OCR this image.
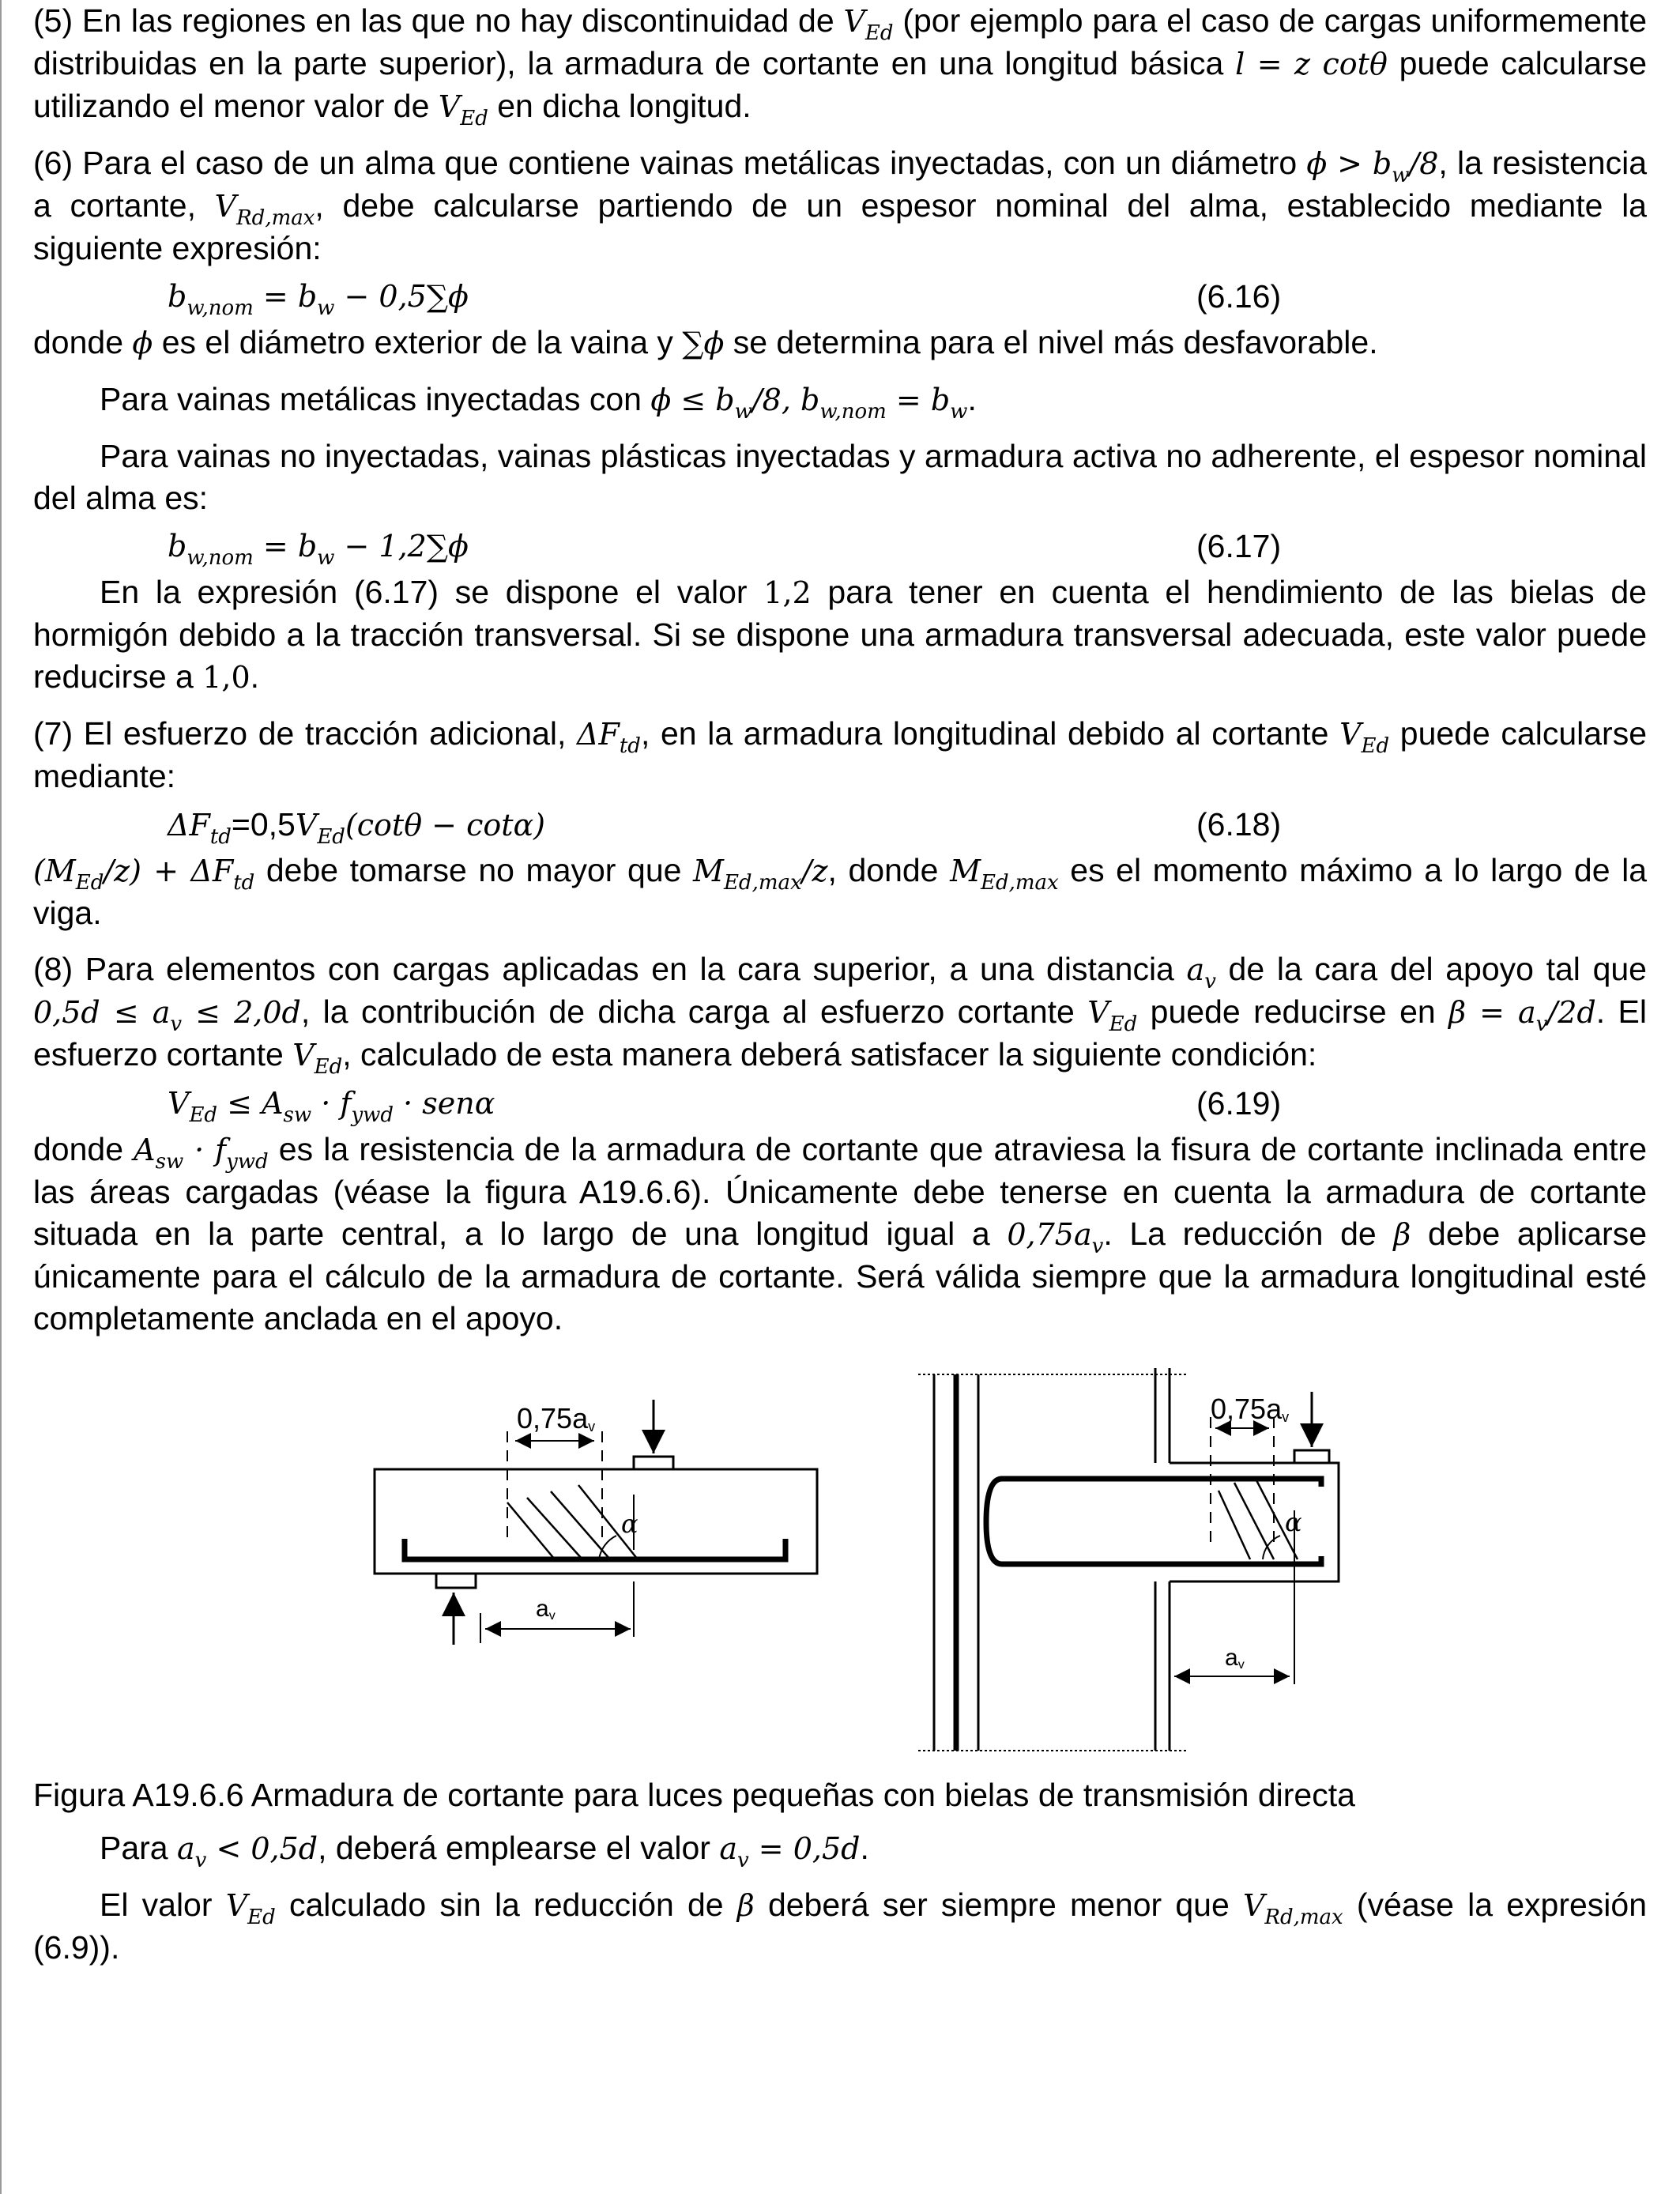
(5) En las regiones en las que no hay discontinuidad de $V_{Ed}$ (por ejemplo para el caso de cargas uniformemente distribuidas en la parte superior), la armadura de cortante en una longitud básica l = z cotθ puede calcularse utilizando el menor valor de $V_{Ed}$ en dicha longitud.

(6) Para el caso de un alma que contiene vainas metálicas inyectadas, con un diámetro $\phi > b_w/8$, la resistencia a cortante, $V_{Rd,max}$, debe calcularse partiendo de un espesor nominal del alma, establecido mediante la siguiente expresión:

$b_{w,nom} = b_w - 0,5\sum\phi$	(6.16)

donde ϕ es el diámetro exterior de la vaina y ∑ϕ se determina para el nivel más desfavorable.

Para vainas metálicas inyectadas con $\phi \le b_w/8$, $b_{w,nom} = b_w$.

Para vainas no inyectadas, vainas plásticas inyectadas y armadura activa no adherente, el espesor nominal del alma es:

$b_{w,nom} = b_w - 1,2\sum\phi$	(6.17)

En la expresión (6.17) se dispone el valor 1,2 para tener en cuenta el hendimiento de las bielas de hormigón debido a la tracción transversal. Si se dispone una armadura transversal adecuada, este valor puede reducirse a 1,0.

(7) El esfuerzo de tracción adicional, $\Delta F_{td}$, en la armadura longitudinal debido al cortante $V_{Ed}$ puede calcularse mediante:

$\Delta F_{td}=0,5V_{Ed}(\cot\theta - \cot\alpha)$	(6.18)

$(M_{Ed}/z) + \Delta F_{td}$ debe tomarse no mayor que $M_{Ed,max}/z$, donde $M_{Ed,max}$ es el momento máximo a lo largo de la viga.

(8) Para elementos con cargas aplicadas en la cara superior, a una distancia $a_v$ de la cara del apoyo tal que $0,5d \le a_v \le 2,0d$, la contribución de dicha carga al esfuerzo cortante $V_{Ed}$ puede reducirse en $\beta = a_v/2d$. El esfuerzo cortante $V_{Ed}$, calculado de esta manera deberá satisfacer la siguiente condición:

$V_{Ed} \le A_{sw} \cdot f_{ywd} \cdot sen\alpha$	(6.19)

donde $A_{sw} \cdot f_{ywd}$ es la resistencia de la armadura de cortante que atraviesa la fisura de cortante inclinada entre las áreas cargadas (véase la figura A19.6.6). Únicamente debe tenerse en cuenta la armadura de cortante situada en la parte central, a lo largo de una longitud igual a $0,75a_v$. La reducción de β debe aplicarse únicamente para el cálculo de la armadura de cortante. Será válida siempre que la armadura longitudinal esté completamente anclada en el apoyo.

0,75av
av
α
0,75av
av
α

Figura A19.6.6 Armadura de cortante para luces pequeñas con bielas de transmisión directa

Para $a_v < 0,5d$, deberá emplearse el valor $a_v = 0,5d$.

El valor $V_{Ed}$ calculado sin la reducción de β deberá ser siempre menor que $V_{Rd,max}$ (véase la expresión (6.9)).
